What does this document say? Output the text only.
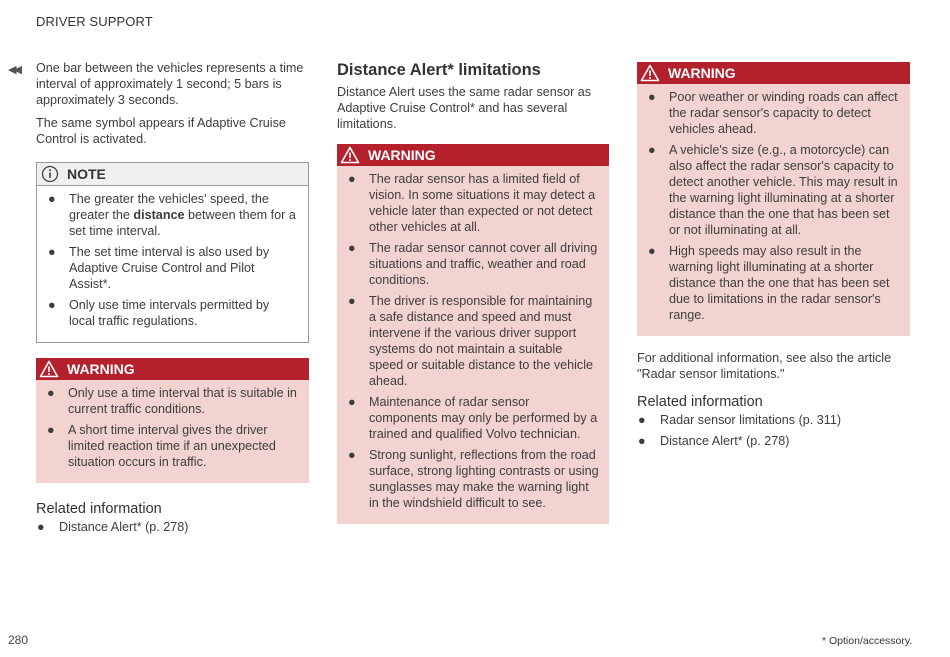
DRIVER SUPPORT
◀◀ One bar between the vehicles represents a time interval of approximately 1 second; 5 bars is approximately 3 seconds.

The same symbol appears if Adaptive Cruise Control is activated.

NOTE
● The greater the vehicles' speed, the greater the distance between them for a set time interval.
● The set time interval is also used by Adaptive Cruise Control and Pilot Assist*.
● Only use time intervals permitted by local traffic regulations.
WARNING
● Only use a time interval that is suitable in current traffic conditions.
● A short time interval gives the driver limited reaction time if an unexpected situation occurs in traffic.
Related information
● Distance Alert* (p. 278)
Distance Alert* limitations

Distance Alert uses the same radar sensor as Adaptive Cruise Control* and has several limitations.

WARNING
● The radar sensor has a limited field of vision. In some situations it may detect a vehicle later than expected or not detect other vehicles at all.
● The radar sensor cannot cover all driving situations and traffic, weather and road conditions.
● The driver is responsible for maintaining a safe distance and speed and must intervene if the various driver support systems do not maintain a suitable speed or suitable distance to the vehicle ahead.
● Maintenance of radar sensor components may only be performed by a trained and qualified Volvo technician.
● Strong sunlight, reflections from the road surface, strong lighting contrasts or using sunglasses may make the warning light in the windshield difficult to see.
WARNING
● Poor weather or winding roads can affect the radar sensor's capacity to detect vehicles ahead.
● A vehicle's size (e.g., a motorcycle) can also affect the radar sensor's capacity to detect another vehicle. This may result in the warning light illuminating at a shorter distance than the one that has been set or not illuminating at all.
● High speeds may also result in the warning light illuminating at a shorter distance than the one that has been set due to limitations in the radar sensor's range.

For additional information, see also the article "Radar sensor limitations."

Related information
● Radar sensor limitations (p. 311)
● Distance Alert* (p. 278)
280	* Option/accessory.
